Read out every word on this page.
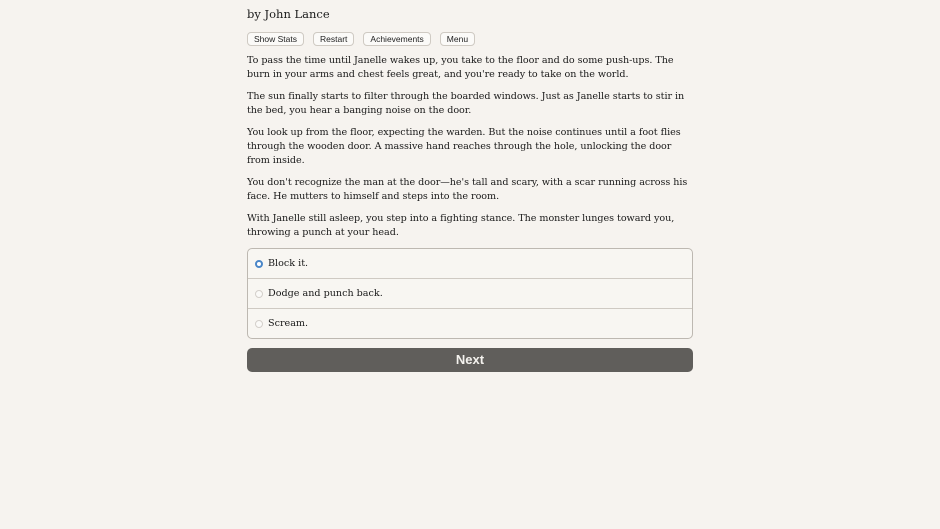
by John Lance
Show Stats	Restart	Achievements	Menu

To pass the time until Janelle wakes up, you take to the floor and do some push-ups. The burn in your arms and chest feels great, and you're ready to take on the world.

The sun finally starts to filter through the boarded windows. Just as Janelle starts to stir in the bed, you hear a banging noise on the door.

You look up from the floor, expecting the warden. But the noise continues until a foot flies through the wooden door. A massive hand reaches through the hole, unlocking the door from inside.

You don't recognize the man at the door—he's tall and scary, with a scar running across his face. He mutters to himself and steps into the room.

With Janelle still asleep, you step into a fighting stance. The monster lunges toward you, throwing a punch at your head.

Block it.
Dodge and punch back.
Scream.
Next
